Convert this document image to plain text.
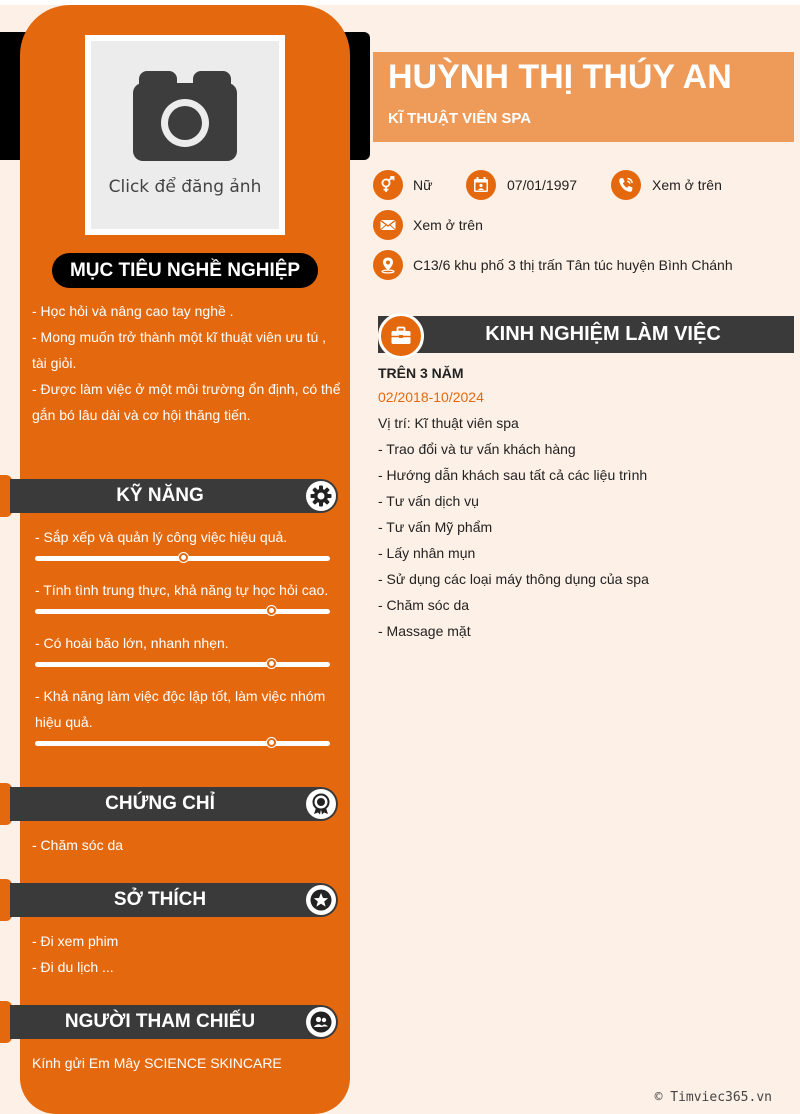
Click để đăng ảnh
MỤC TIÊU NGHỀ NGHIỆP
- Học hỏi và nâng cao tay nghề .
- Mong muốn trở thành một kĩ thuật viên ưu tú ,
tài giỏi.
- Được làm việc ở một môi trường ổn định, có thể
gắn bó lâu dài và cơ hội thăng tiến.
KỸ NĂNG
- Sắp xếp và quản lý công việc hiệu quả.
- Tính tình trung thực, khả năng tự học hỏi cao.
- Có hoài bão lớn, nhanh nhẹn.
- Khả năng làm việc độc lập tốt, làm việc nhóm
hiệu quả.
CHỨNG CHỈ
- Chăm sóc da
SỞ THÍCH
- Đi xem phim
- Đi du lịch ...
NGƯỜI THAM CHIẾU
Kính gửi Em Mây SCIENCE SKINCARE
HUỲNH THỊ THÚY AN
KĨ THUẬT VIÊN SPA
Nữ	07/01/1997	Xem ở trên
Xem ở trên
C13/6 khu phố 3 thị trấn Tân túc huyện Bình Chánh
KINH NGHIỆM LÀM VIỆC
TRÊN 3 NĂM
02/2018-10/2024
Vị trí: Kĩ thuật viên spa
- Trao đổi và tư vấn khách hàng
- Hướng dẫn khách sau tất cả các liệu trình
- Tư vấn dịch vụ
- Tư vấn Mỹ phẩm
- Lấy nhân mụn
- Sử dụng các loại máy thông dụng của spa
- Chăm sóc da
- Massage mặt
© Timviec365.vn
